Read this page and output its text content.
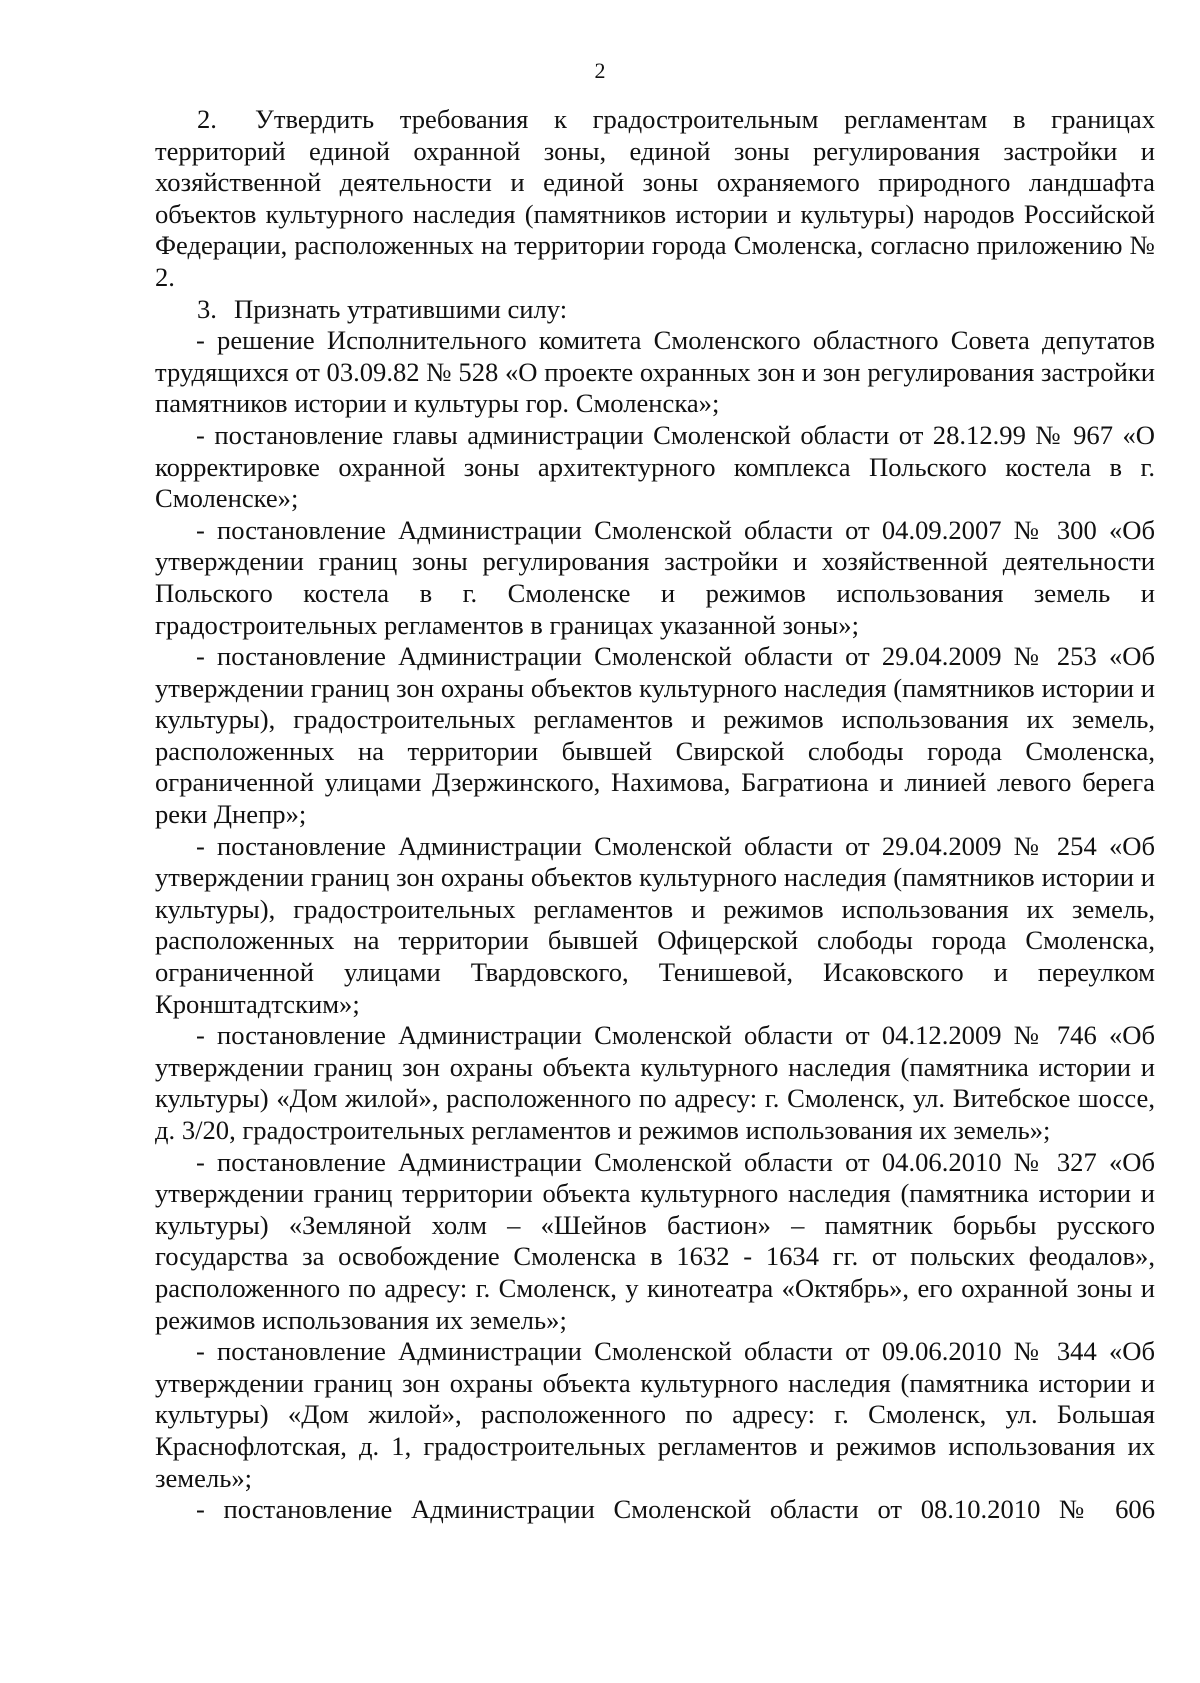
2

2. Утвердить требования к градостроительным регламентам в границах территорий единой охранной зоны, единой зоны регулирования застройки и хозяйственной деятельности и единой зоны охраняемого природного ландшафта объектов культурного наследия (памятников истории и культуры) народов Российской Федерации, расположенных на территории города Смоленска, согласно приложению № 2.

3. Признать утратившими силу:

- решение Исполнительного комитета Смоленского областного Совета депутатов трудящихся от 03.09.82 № 528 «О проекте охранных зон и зон регулирования застройки памятников истории и культуры гор. Смоленска»;

- постановление главы администрации Смоленской области от 28.12.99 № 967 «О корректировке охранной зоны архитектурного комплекса Польского костела в г. Смоленске»;

- постановление Администрации Смоленской области от 04.09.2007 № 300 «Об утверждении границ зоны регулирования застройки и хозяйственной деятельности Польского костела в г. Смоленске и режимов использования земель и градостроительных регламентов в границах указанной зоны»;

- постановление Администрации Смоленской области от 29.04.2009 № 253 «Об утверждении границ зон охраны объектов культурного наследия (памятников истории и культуры), градостроительных регламентов и режимов использования их земель, расположенных на территории бывшей Свирской слободы города Смоленска, ограниченной улицами Дзержинского, Нахимова, Багратиона и линией левого берега реки Днепр»;

- постановление Администрации Смоленской области от 29.04.2009 № 254 «Об утверждении границ зон охраны объектов культурного наследия (памятников истории и культуры), градостроительных регламентов и режимов использования их земель, расположенных на территории бывшей Офицерской слободы города Смоленска, ограниченной улицами Твардовского, Тенишевой, Исаковского и переулком Кронштадтским»;

- постановление Администрации Смоленской области от 04.12.2009 № 746 «Об утверждении границ зон охраны объекта культурного наследия (памятника истории и культуры) «Дом жилой», расположенного по адресу: г. Смоленск, ул. Витебское шоссе, д. 3/20, градостроительных регламентов и режимов использования их земель»;

- постановление Администрации Смоленской области от 04.06.2010 № 327 «Об утверждении границ территории объекта культурного наследия (памятника истории и культуры) «Земляной холм – «Шейнов бастион» – памятник борьбы русского государства за освобождение Смоленска в 1632 - 1634 гг. от польских феодалов», расположенного по адресу: г. Смоленск, у кинотеатра «Октябрь», его охранной зоны и режимов использования их земель»;

- постановление Администрации Смоленской области от 09.06.2010 № 344 «Об утверждении границ зон охраны объекта культурного наследия (памятника истории и культуры) «Дом жилой», расположенного по адресу: г. Смоленск, ул. Большая Краснофлотская, д. 1, градостроительных регламентов и режимов использования их земель»;

- постановление Администрации Смоленской области от 08.10.2010 № 606
